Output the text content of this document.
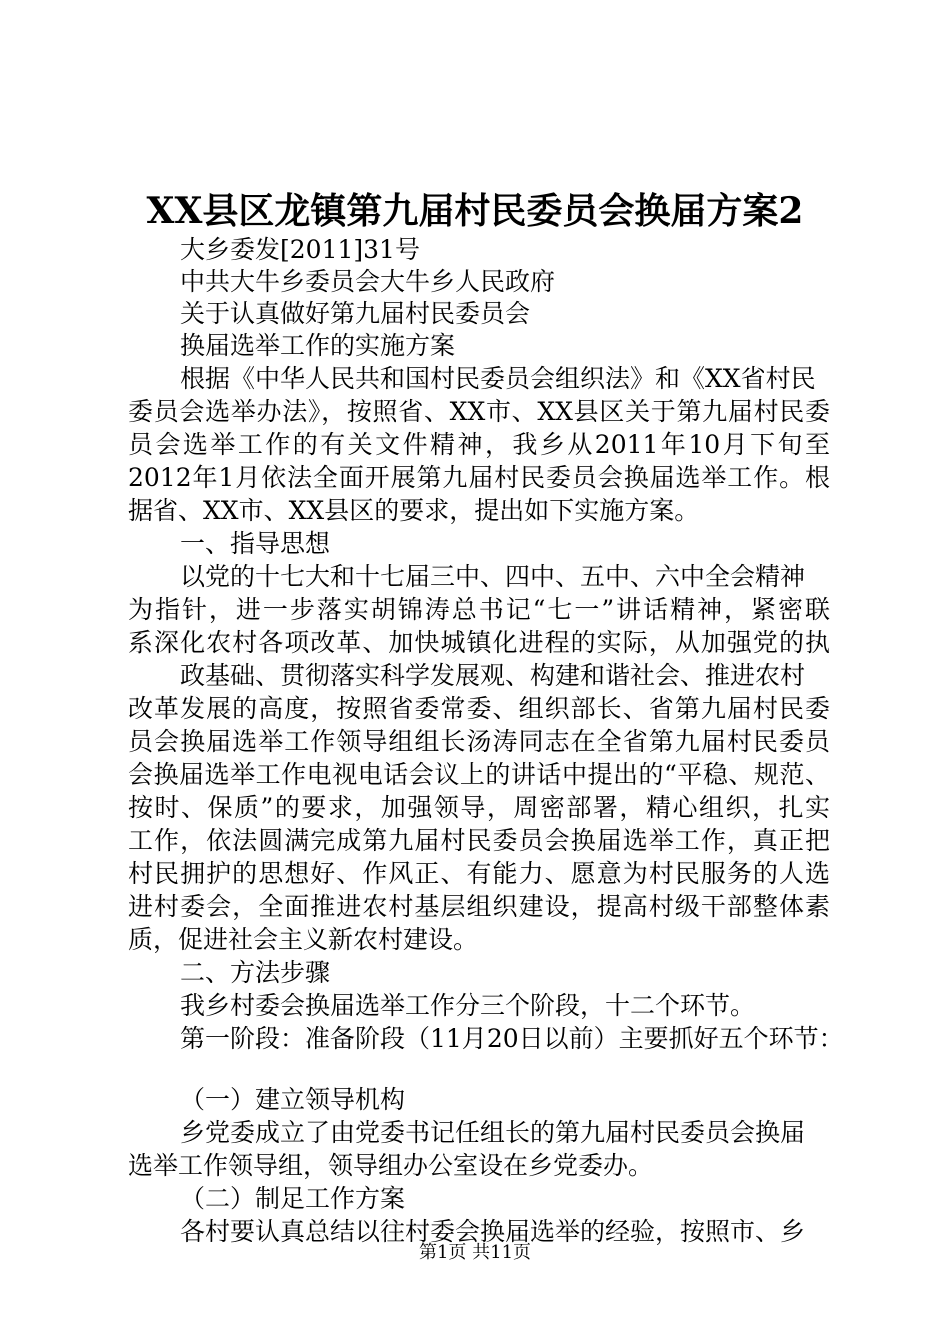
XX县区龙镇第九届村民委员会换届方案2
大乡委发[2011]31号
中共大牛乡委员会大牛乡人民政府
关于认真做好第九届村民委员会
换届选举工作的实施方案
根据《中华人民共和国村民委员会组织法》和《XX省村民
委员会选举办法》，按照省、XX市、XX县区关于第九届村民委
员会选举工作的有关文件精神，我乡从2011年10月下旬至
2012年1月依法全面开展第九届村民委员会换届选举工作。根
据省、XX市、XX县区的要求，提出如下实施方案。
一、指导思想
以党的十七大和十七届三中、四中、五中、六中全会精神
为指针，进一步落实胡锦涛总书记“七一”讲话精神，紧密联
系深化农村各项改革、加快城镇化进程的实际，从加强党的执
政基础、贯彻落实科学发展观、构建和谐社会、推进农村
改革发展的高度，按照省委常委、组织部长、省第九届村民委
员会换届选举工作领导组组长汤涛同志在全省第九届村民委员
会换届选举工作电视电话会议上的讲话中提出的“平稳、规范、
按时、保质”的要求，加强领导，周密部署，精心组织，扎实
工作，依法圆满完成第九届村民委员会换届选举工作，真正把
村民拥护的思想好、作风正、有能力、愿意为村民服务的人选
进村委会，全面推进农村基层组织建设，提高村级干部整体素
质，促进社会主义新农村建设。
二、方法步骤
我乡村委会换届选举工作分三个阶段，十二个环节。
第一阶段：准备阶段（11月20日以前）主要抓好五个环节：
（一）建立领导机构
乡党委成立了由党委书记任组长的第九届村民委员会换届
选举工作领导组，领导组办公室设在乡党委办。
（二）制足工作方案
各村要认真总结以往村委会换届选举的经验，按照市、乡
第1页 共11页
